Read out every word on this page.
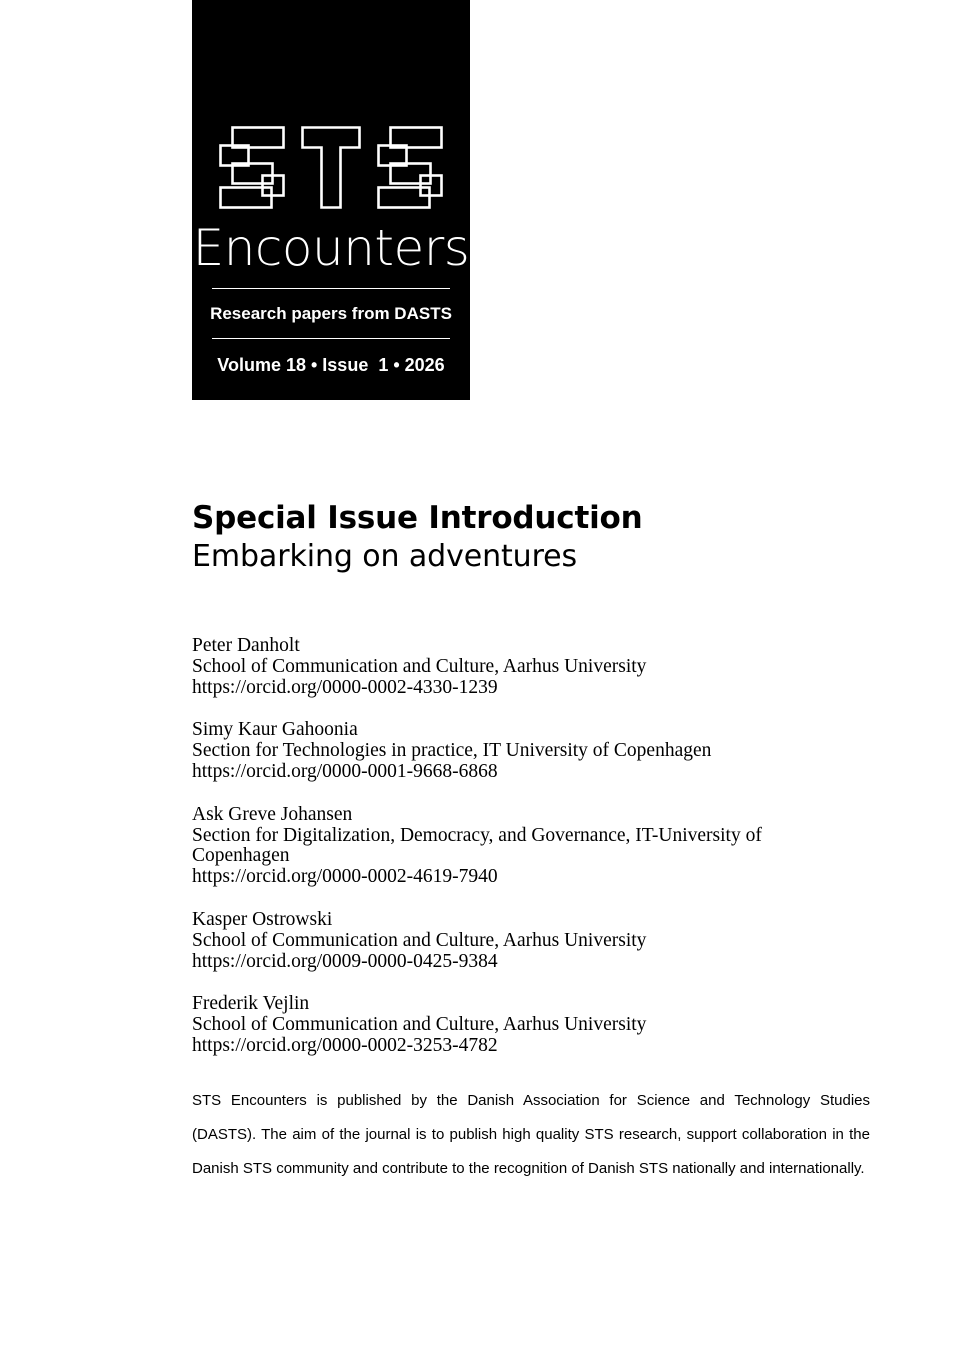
Encounters
Research papers from DASTS
Volume 18 • Issue  1 • 2026
Special Issue Introduction
Embarking on adventures
Peter Danholt
School of Communication and Culture, Aarhus University
https://orcid.org/0000-0002-4330-1239
Simy Kaur Gahoonia
Section for Technologies in practice, IT University of Copenhagen
https://orcid.org/0000-0001-9668-6868
Ask Greve Johansen
Section for Digitalization, Democracy, and Governance, IT-University of Copenhagen
https://orcid.org/0000-0002-4619-7940
Kasper Ostrowski
School of Communication and Culture, Aarhus University
https://orcid.org/0009-0000-0425-9384
Frederik Vejlin
School of Communication and Culture, Aarhus University
https://orcid.org/0000-0002-3253-4782
STS Encounters is published by the Danish Association for Science and Technology Studies (DASTS). The aim of the journal is to publish high quality STS research, support collaboration in the Danish STS community and contribute to the recognition of Danish STS nationally and internationally.
